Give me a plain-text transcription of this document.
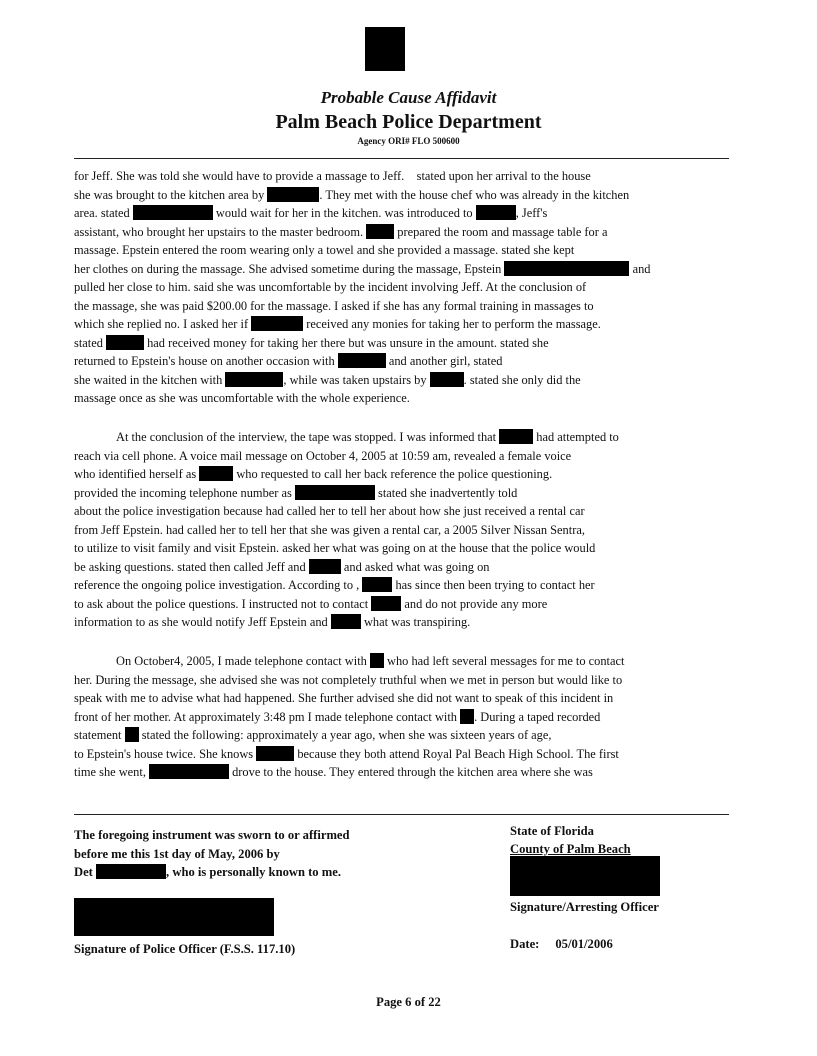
Probable Cause Affidavit
Palm Beach Police Department
Agency ORI# FLO 500600
for Jeff. She was told she would have to provide a massage to Jeff.    stated upon her arrival to the house
she was brought to the kitchen area by	. They met with the house chef who was already in the kitchen
area. stated	would wait for her in the kitchen. was introduced to	, Jeff's
assistant, who brought her upstairs to the master bedroom.  prepared the room and massage table for a
massage. Epstein entered the room wearing only a towel and she provided a massage. stated she kept
her clothes on during the massage. She advised sometime during the massage, Epstein	and
pulled her close to him. said she was uncomfortable by the incident involving Jeff. At the conclusion of
the massage, she was paid $200.00 for the massage. I asked if she has any formal training in massages to
which she replied no. I asked her if	received any monies for taking her to perform the massage.
stated	had received money for taking her there but was unsure in the amount. stated she
returned to Epstein's house on another occasion with	and another girl, stated
she waited in the kitchen with	, while was taken upstairs by	. stated she only did the
massage once as she was uncomfortable with the whole experience.
At the conclusion of the interview, the tape was stopped. I was informed that	had attempted to
reach via cell phone. A voice mail message on October 4, 2005 at 10:59 am, revealed a female voice
who identified herself as	who requested to call her back reference the police questioning.
provided the incoming telephone number as	stated she inadvertently told
about the police investigation because had called her to tell her about how she just received a rental car
from Jeff Epstein. had called her to tell her that she was given a rental car, a 2005 Silver Nissan Sentra,
to utilize to visit family and visit Epstein. asked her what was going on at the house that the police would
be asking questions. stated then called Jeff and	and asked what was going on
reference the ongoing police investigation. According to ,  has since then been trying to contact her
to ask about the police questions. I instructed not to contact  and do not provide any more
information to as she would notify Jeff Epstein and  what was transpiring.
On October4, 2005, I made telephone contact with  who had left several messages for me to contact
her. During the message, she advised she was not completely truthful when we met in person but would like to
speak with me to advise what had happened. She further advised she did not want to speak of this incident in
front of her mother. At approximately 3:48 pm I made telephone contact with . During a taped recorded
statement  stated the following: approximately a year ago, when she was sixteen years of age,
to Epstein's house twice. She knows	because they both attend Royal Pal Beach High School. The first
time she went,	drove to the house. They entered through the kitchen area where she was
The foregoing instrument was sworn to or affirmed
before me this 1st day of May, 2006 by
Det	, who is personally known to me.
Signature of Police Officer (F.S.S. 117.10)
State of Florida
County of Palm Beach
Signature/Arresting Officer
Date: 05/01/2006
Page 6 of 22
